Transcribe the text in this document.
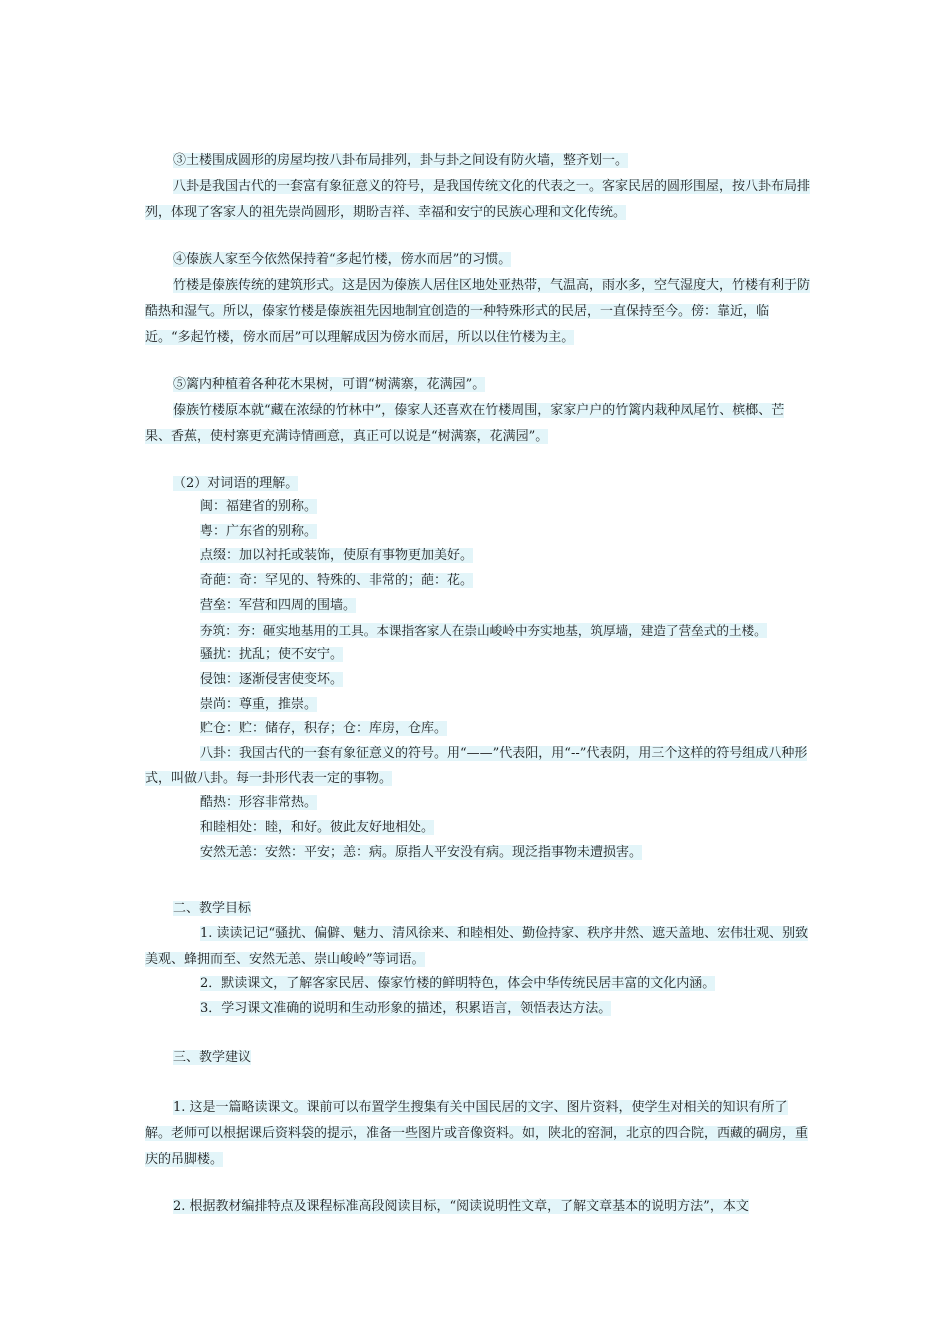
③土楼围成圆形的房屋均按八卦布局排列，卦与卦之间设有防火墙，整齐划一。

八卦是我国古代的一套富有象征意义的符号，是我国传统文化的代表之一。客家民居的圆形围屋，按八卦布局排列，体现了客家人的祖先崇尚圆形，期盼吉祥、幸福和安宁的民族心理和文化传统。

④傣族人家至今依然保持着“多起竹楼，傍水而居”的习惯。

竹楼是傣族传统的建筑形式。这是因为傣族人居住区地处亚热带，气温高，雨水多，空气湿度大，竹楼有利于防酷热和湿气。所以，傣家竹楼是傣族祖先因地制宜创造的一种特殊形式的民居，一直保持至今。傍：靠近，临近。“多起竹楼，傍水而居”可以理解成因为傍水而居，所以以住竹楼为主。

⑤篱内种植着各种花木果树，可谓“树满寨，花满园”。

傣族竹楼原本就“藏在浓绿的竹林中”，傣家人还喜欢在竹楼周围，家家户户的竹篱内栽种凤尾竹、槟榔、芒果、香蕉，使村寨更充满诗情画意，真正可以说是“树满寨，花满园”。

（2）对词语的理解。

闽：福建省的别称。

粤：广东省的别称。

点缀：加以衬托或装饰，使原有事物更加美好。

奇葩：奇：罕见的、特殊的、非常的；葩：花。

营垒：军营和四周的围墙。

夯筑：夯：砸实地基用的工具。本课指客家人在崇山峻岭中夯实地基，筑厚墙，建造了营垒式的土楼。

骚扰：扰乱；使不安宁。

侵蚀：逐渐侵害使变坏。

崇尚：尊重，推崇。

贮仓：贮：储存，积存；仓：库房，仓库。

八卦：我国古代的一套有象征意义的符号。用“——”代表阳，用“--”代表阴，用三个这样的符号组成八种形式，叫做八卦。每一卦形代表一定的事物。

酷热：形容非常热。

和睦相处：睦，和好。彼此友好地相处。

安然无恙：安然：平安；恙：病。原指人平安没有病。现泛指事物未遭损害。

二、教学目标

1. 读读记记“骚扰、偏僻、魅力、清风徐来、和睦相处、勤俭持家、秩序井然、遮天盖地、宏伟壮观、别致美观、蜂拥而至、安然无恙、崇山峻岭”等词语。

2．默读课文，了解客家民居、傣家竹楼的鲜明特色，体会中华传统民居丰富的文化内涵。

3．学习课文准确的说明和生动形象的描述，积累语言，领悟表达方法。

三、教学建议

1. 这是一篇略读课文。课前可以布置学生搜集有关中国民居的文字、图片资料，使学生对相关的知识有所了解。老师可以根据课后资料袋的提示，准备一些图片或音像资料。如，陕北的窑洞，北京的四合院，西藏的碉房，重庆的吊脚楼。

2. 根据教材编排特点及课程标准高段阅读目标，“阅读说明性文章，了解文章基本的说明方法”，本文
